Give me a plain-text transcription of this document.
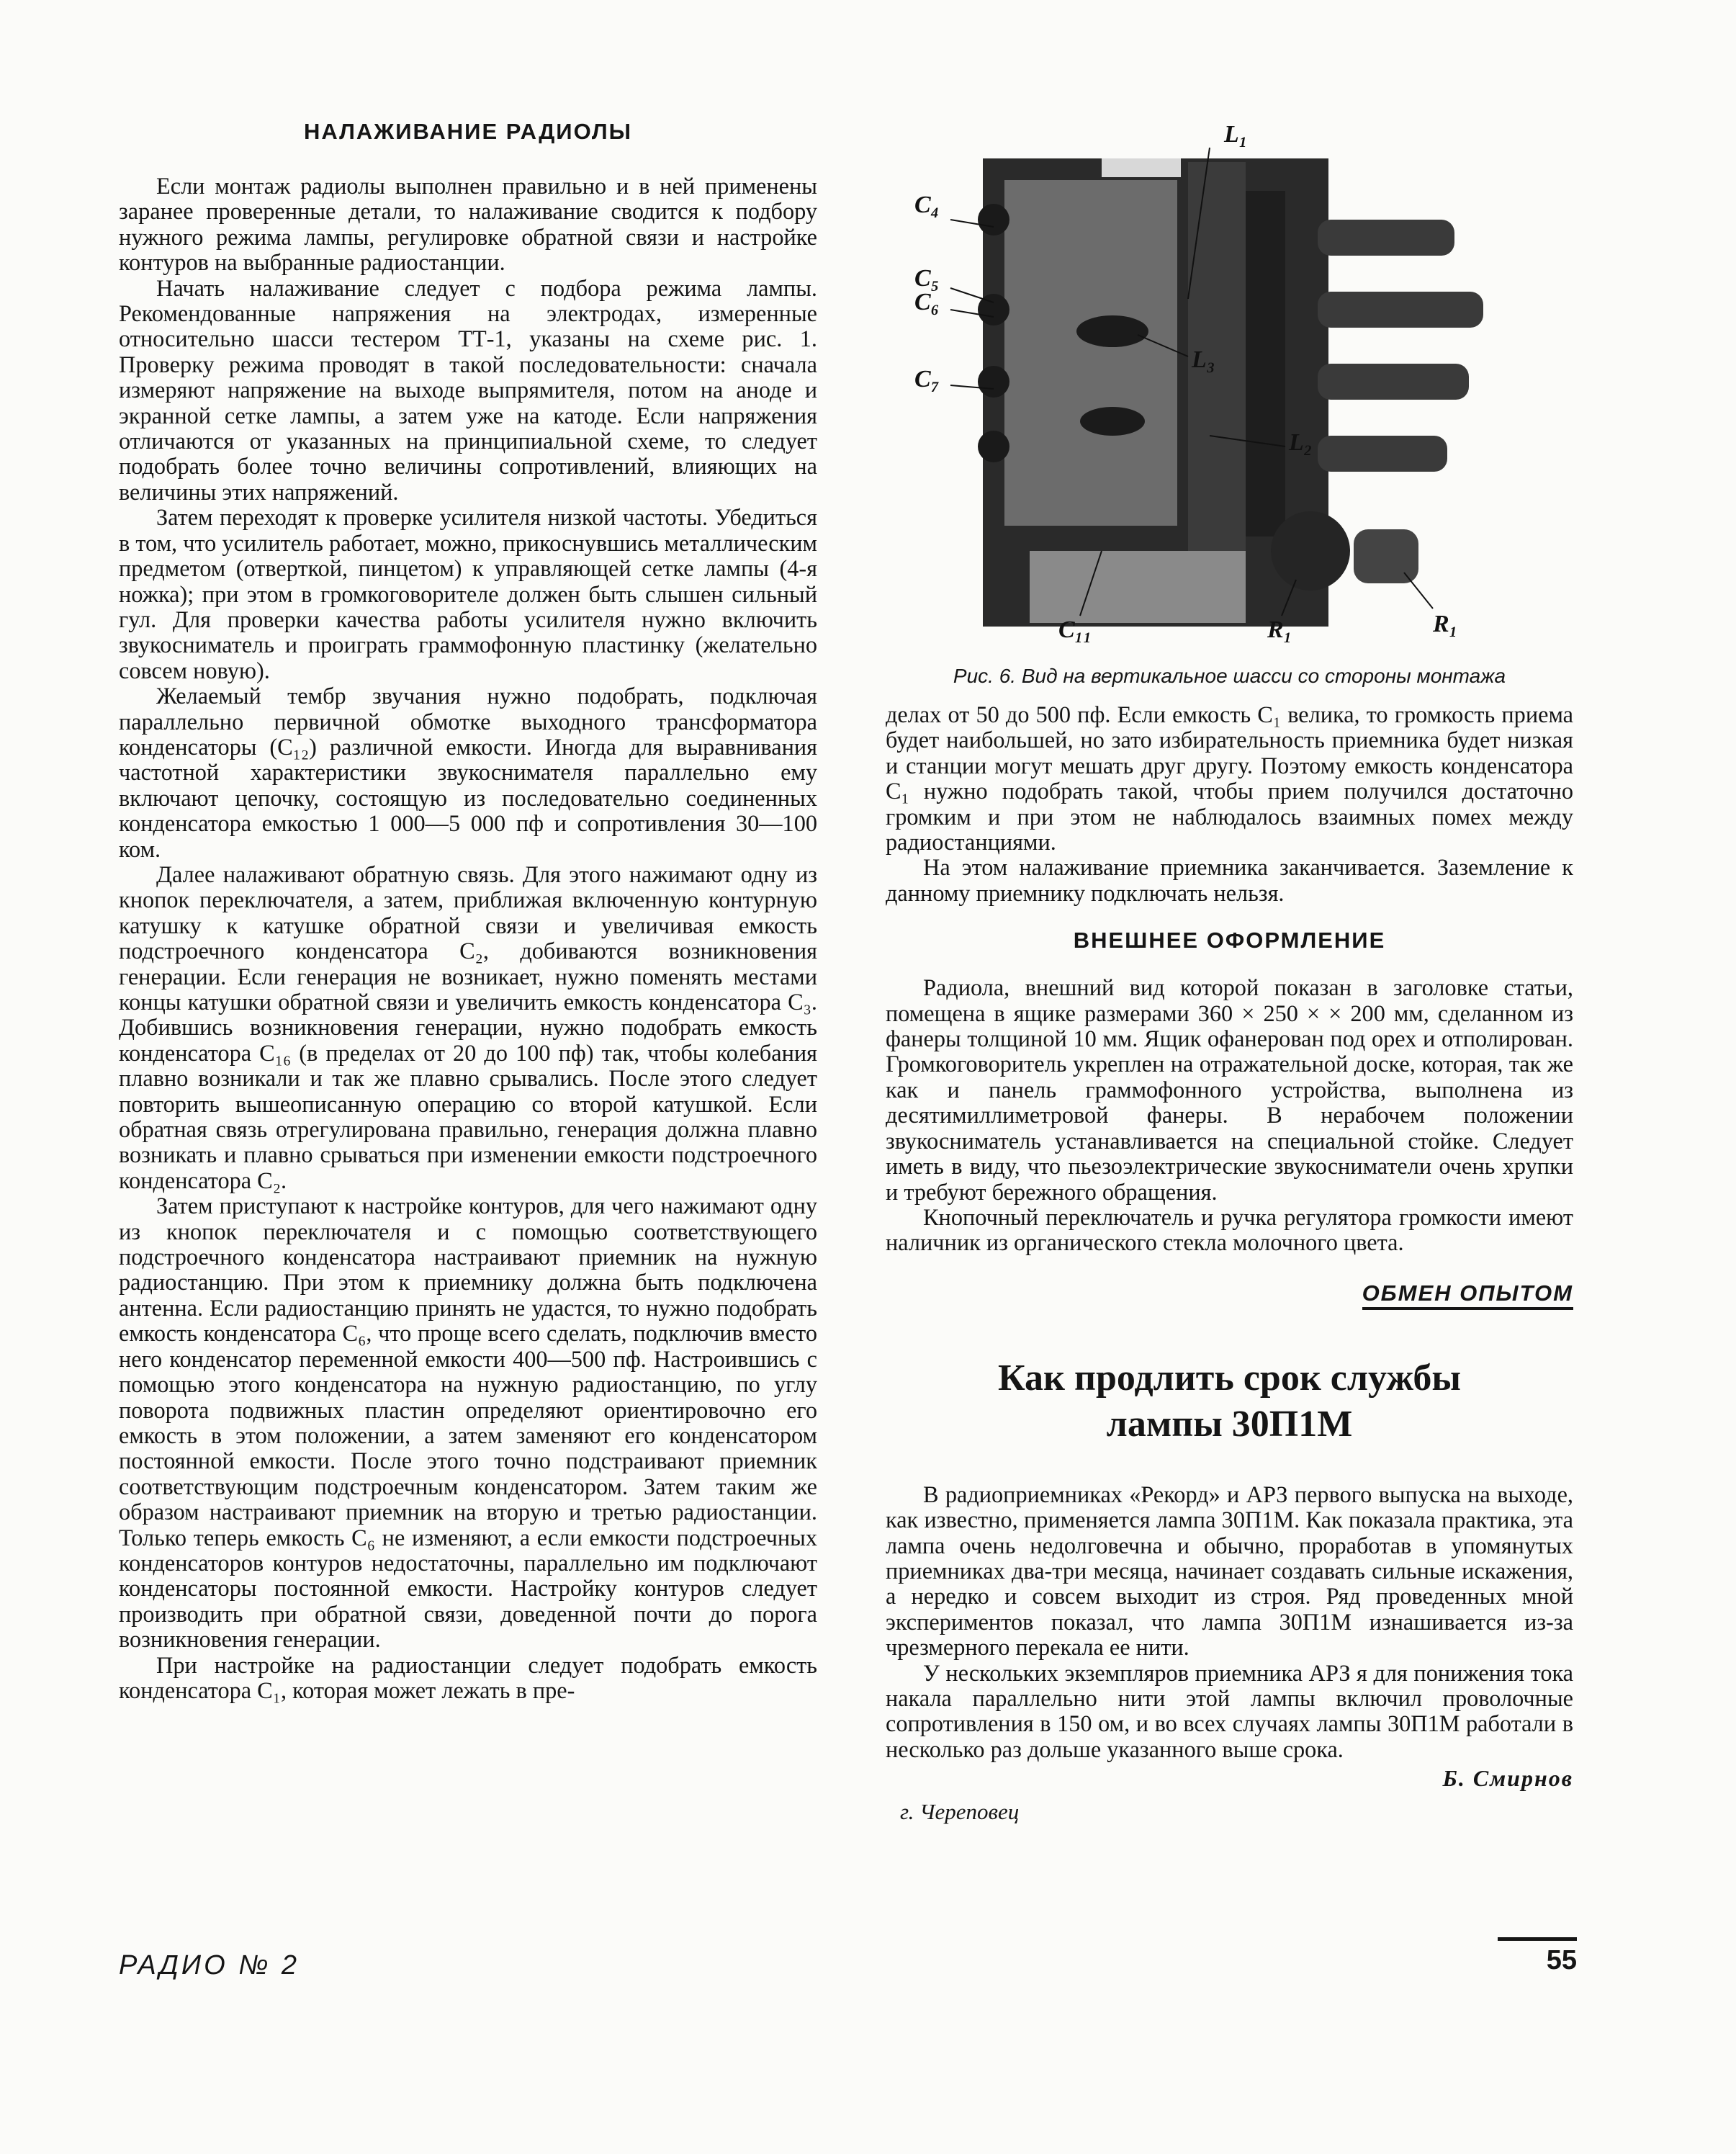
НАЛАЖИВАНИЕ РАДИОЛЫ

Если монтаж радиолы выполнен правильно и в ней применены заранее проверенные детали, то налаживание сводится к подбору нужного режима лампы, регулировке обратной связи и настройке контуров на выбранные радиостанции.

Начать налаживание следует с подбора режима лампы. Рекомендованные напряжения на электродах, измеренные относительно шасси тестером ТТ-1, указаны на схеме рис. 1. Проверку режима проводят в такой последовательности: сначала измеряют напряжение на выходе выпрямителя, потом на аноде и экранной сетке лампы, а затем уже на катоде. Если напряжения отличаются от указанных на принципиальной схеме, то следует подобрать более точно величины сопротивлений, влияющих на величины этих напряжений.

Затем переходят к проверке усилителя низкой частоты. Убедиться в том, что усилитель работает, можно, прикоснувшись металлическим предметом (отверткой, пинцетом) к управляющей сетке лампы (4-я ножка); при этом в громкоговорителе должен быть слышен сильный гул. Для проверки качества работы усилителя нужно включить звукосниматель и проиграть граммофонную пластинку (желательно совсем новую).

Желаемый тембр звучания нужно подобрать, подключая параллельно первичной обмотке выходного трансформатора конденсаторы (C₁₂) различной емкости. Иногда для выравнивания частотной характеристики звукоснимателя параллельно ему включают цепочку, состоящую из последовательно соединенных конденсатора емкостью 1 000—5 000 пф и сопротивления 30—100 ком.

Далее налаживают обратную связь. Для этого нажимают одну из кнопок переключателя, а затем, приближая включенную контурную катушку к катушке обратной связи и увеличивая емкость подстроечного конденсатора C₂, добиваются возникновения генерации. Если генерация не возникает, нужно поменять местами концы катушки обратной связи и увеличить емкость конденсатора C₃. Добившись возникновения генерации, нужно подобрать емкость конденсатора C₁₆ (в пределах от 20 до 100 пф) так, чтобы колебания плавно возникали и так же плавно срывались. После этого следует повторить вышеописанную операцию со второй катушкой. Если обратная связь отрегулирована правильно, генерация должна плавно возникать и плавно срываться при изменении емкости подстроечного конденсатора C₂.

Затем приступают к настройке контуров, для чего нажимают одну из кнопок переключателя и с помощью соответствующего подстроечного конденсатора настраивают приемник на нужную радиостанцию. При этом к приемнику должна быть подключена антенна. Если радиостанцию принять не удастся, то нужно подобрать емкость конденсатора C₆, что проще всего сделать, подключив вместо него конденсатор переменной емкости 400—500 пф. Настроившись с помощью этого конденсатора на нужную радиостанцию, по углу поворота подвижных пластин определяют ориентировочно его емкость в этом положении, а затем заменяют его конденсатором постоянной емкости. После этого точно подстраивают приемник соответствующим подстроечным конденсатором. Затем таким же образом настраивают приемник на вторую и третью радиостанции. Только теперь емкость C₆ не изменяют, а если емкости подстроечных конденсаторов контуров недостаточны, параллельно им подключают конденсаторы постоянной емкости. Настройку контуров следует производить при обратной связи, доведенной почти до порога возникновения генерации.

При настройке на радиостанции следует подобрать емкость конденсатора C₁, которая может лежать в пре-

L₁
C₄
C₅
C₆
C₇
L₃
L₂
C₁₁	R₁	R₁

Рис. 6. Вид на вертикальное шасси со стороны монтажа

делах от 50 до 500 пф. Если емкость C₁ велика, то громкость приема будет наибольшей, но зато избирательность приемника будет низкая и станции могут мешать друг другу. Поэтому емкость конденсатора C₁ нужно подобрать такой, чтобы прием получился достаточно громким и при этом не наблюдалось взаимных помех между радиостанциями.

На этом налаживание приемника заканчивается. Заземление к данному приемнику подключать нельзя.

ВНЕШНЕЕ ОФОРМЛЕНИЕ

Радиола, внешний вид которой показан в заголовке статьи, помещена в ящике размерами 360 × 250 × × 200 мм, сделанном из фанеры толщиной 10 мм. Ящик офанерован под орех и отполирован. Громкоговоритель укреплен на отражательной доске, которая, так же как и панель граммофонного устройства, выполнена из десятимиллиметровой фанеры. В нерабочем положении звукосниматель устанавливается на специальной стойке. Следует иметь в виду, что пьезоэлектрические звукосниматели очень хрупки и требуют бережного обращения.

Кнопочный переключатель и ручка регулятора громкости имеют наличник из органического стекла молочного цвета.

ОБМЕН ОПЫТОМ

Как продлить срок службы
лампы 30П1М

В радиоприемниках «Рекорд» и АРЗ первого выпуска на выходе, как известно, применяется лампа 30П1М. Как показала практика, эта лампа очень недолговечна и обычно, проработав в упомянутых приемниках два-три месяца, начинает создавать сильные искажения, а нередко и совсем выходит из строя. Ряд проведенных мной экспериментов показал, что лампа 30П1М изнашивается из-за чрезмерного перекала ее нити.

У нескольких экземпляров приемника АРЗ я для понижения тока накала параллельно нити этой лампы включил проволочные сопротивления в 150 ом, и во всех случаях лампы 30П1М работали в несколько раз дольше указанного выше срока.

Б. Смирнов

г. Череповец

РАДИО № 2	55
